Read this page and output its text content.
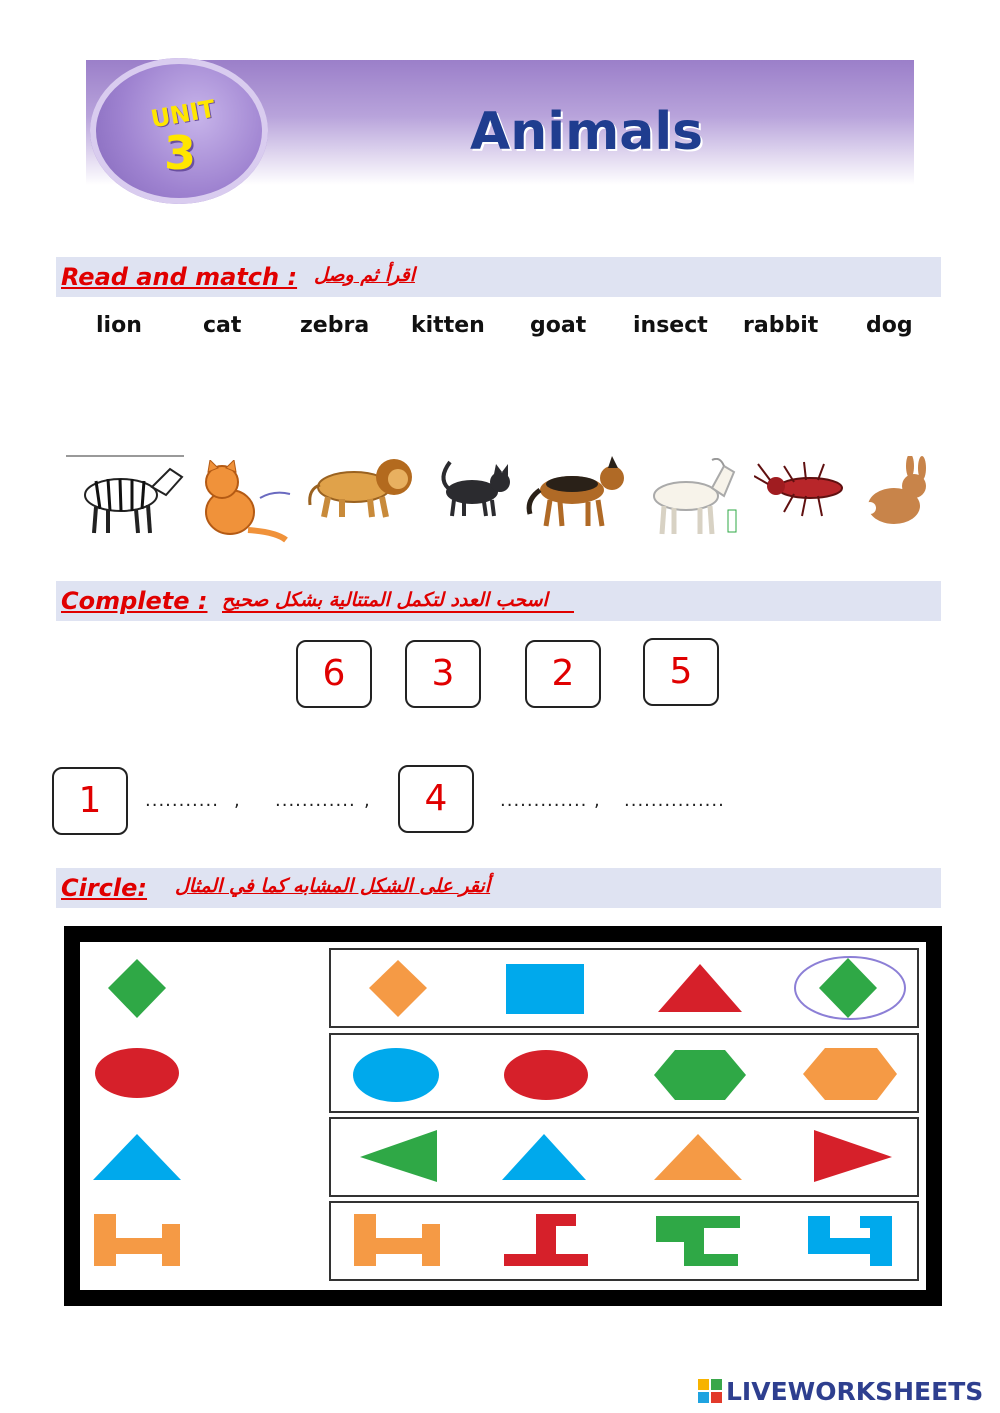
UNIT
3	Animals
Read and match : اقرأ ثم وصل
lion	cat	zebra kitten goat insect rabbit dog
Complete : اسحب العدد لتكمل المتتالية بشكل صحيح
6	3	2	5
1	........... , ............ ,	4	............. , ...............
Circle: أنقر على الشكل المشابه كما في المثال
LIVEWORKSHEETS
